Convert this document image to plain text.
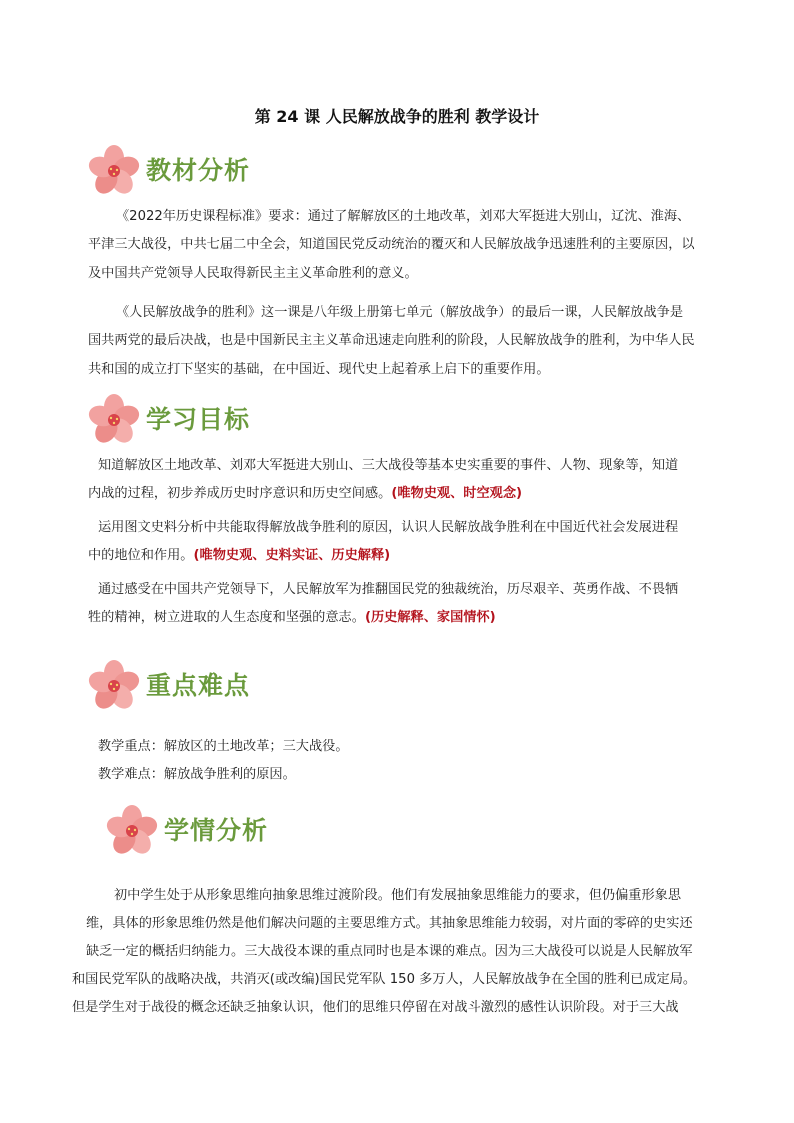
第 24 课 人民解放战争的胜利 教学设计
教材分析
《2022年历史课程标准》要求：通过了解解放区的土地改革，刘邓大军挺进大别山，辽沈、淮海、
平津三大战役，中共七届二中全会，知道国民党反动统治的覆灭和人民解放战争迅速胜利的主要原因，以
及中国共产党领导人民取得新民主主义革命胜利的意义。
《人民解放战争的胜利》这一课是八年级上册第七单元（解放战争）的最后一课，人民解放战争是
国共两党的最后决战，也是中国新民主主义革命迅速走向胜利的阶段，人民解放战争的胜利，为中华人民
共和国的成立打下坚实的基础，在中国近、现代史上起着承上启下的重要作用。
学习目标
知道解放区土地改革、刘邓大军挺进大别山、三大战役等基本史实重要的事件、人物、现象等，知道
内战的过程，初步养成历史时序意识和历史空间感。(唯物史观、时空观念)
运用图文史料分析中共能取得解放战争胜利的原因，认识人民解放战争胜利在中国近代社会发展进程
中的地位和作用。(唯物史观、史料实证、历史解释)
通过感受在中国共产党领导下，人民解放军为推翻国民党的独裁统治，历尽艰辛、英勇作战、不畏牺
牲的精神，树立进取的人生态度和坚强的意志。(历史解释、家国情怀)
重点难点
教学重点：解放区的土地改革；三大战役。
教学难点：解放战争胜利的原因。
学情分析
初中学生处于从形象思维向抽象思维过渡阶段。他们有发展抽象思维能力的要求，但仍偏重形象思
维，具体的形象思维仍然是他们解决问题的主要思维方式。其抽象思维能力较弱，对片面的零碎的史实还
缺乏一定的概括归纳能力。三大战役本课的重点同时也是本课的难点。因为三大战役可以说是人民解放军
和国民党军队的战略决战，共消灭(或改编)国民党军队 150 多万人，人民解放战争在全国的胜利已成定局。
但是学生对于战役的概念还缺乏抽象认识，他们的思维只停留在对战斗激烈的感性认识阶段。对于三大战
